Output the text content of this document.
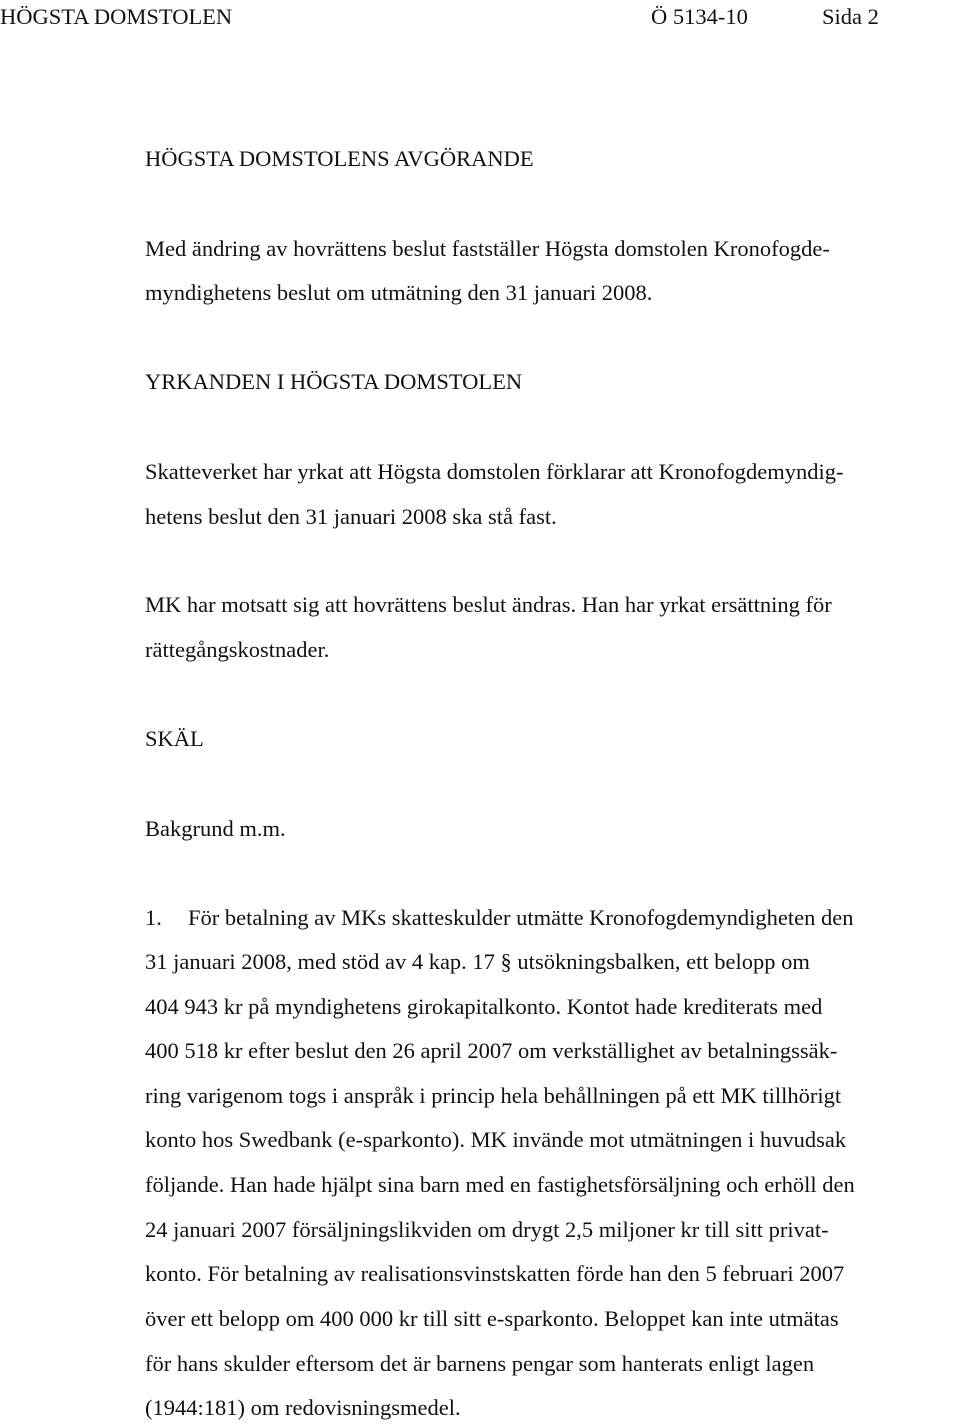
HÖGSTA DOMSTOLEN	Ö 5134-10	Sida 2
HÖGSTA DOMSTOLENS AVGÖRANDE
Med ändring av hovrättens beslut fastställer Högsta domstolen Kronofogde-
myndighetens beslut om utmätning den 31 januari 2008.
YRKANDEN I HÖGSTA DOMSTOLEN
Skatteverket har yrkat att Högsta domstolen förklarar att Kronofogdemyndig-
hetens beslut den 31 januari 2008 ska stå fast.
MK har motsatt sig att hovrättens beslut ändras. Han har yrkat ersättning för
rättegångskostnader.
SKÄL
Bakgrund m.m.
1. För betalning av MKs skatteskulder utmätte Kronofogdemyndigheten den
31 januari 2008, med stöd av 4 kap. 17 § utsökningsbalken, ett belopp om
404 943 kr på myndighetens girokapitalkonto. Kontot hade krediterats med
400 518 kr efter beslut den 26 april 2007 om verkställighet av betalningssäk-
ring varigenom togs i anspråk i princip hela behållningen på ett MK tillhörigt
konto hos Swedbank (e-sparkonto). MK invände mot utmätningen i huvudsak
följande. Han hade hjälpt sina barn med en fastighetsförsäljning och erhöll den
24 januari 2007 försäljningslikviden om drygt 2,5 miljoner kr till sitt privat-
konto. För betalning av realisationsvinstskatten förde han den 5 februari 2007
över ett belopp om 400 000 kr till sitt e-sparkonto. Beloppet kan inte utmätas
för hans skulder eftersom det är barnens pengar som hanterats enligt lagen
(1944:181) om redovisningsmedel.
